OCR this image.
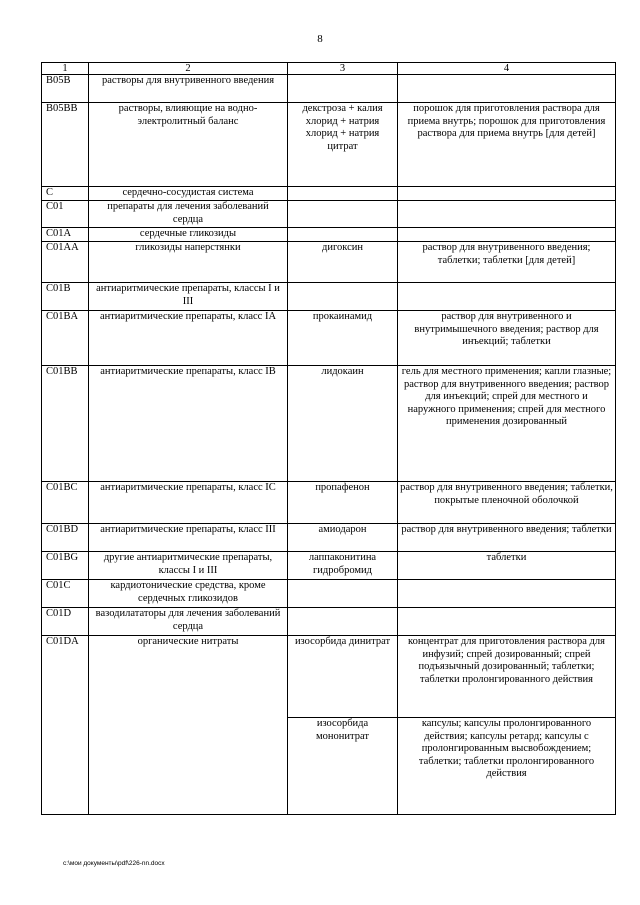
8
1	2	3	4
B05B	растворы для внутривенного введения		
B05BB	растворы, влияющие на водно-электролитный баланс	декстроза + калия хлорид + натрия хлорид + натрия цитрат	порошок для приготовления раствора для приема внутрь; порошок для приготовления раствора для приема внутрь [для детей]
C	сердечно-сосудистая система		
C01	препараты для лечения заболеваний сердца		
C01A	сердечные гликозиды		
C01AA	гликозиды наперстянки	дигоксин	раствор для внутривенного введения; таблетки; таблетки [для детей]
C01B	антиаритмические препараты, классы I и III		
C01BA	антиаритмические препараты, класс IA	прокаинамид	раствор для внутривенного и внутримышечного введения; раствор для инъекций; таблетки
C01BB	антиаритмические препараты, класс IB	лидокаин	гель для местного применения; капли глазные; раствор для внутривенного введения; раствор для инъекций; спрей для местного и наружного применения; спрей для местного применения дозированный
C01BC	антиаритмические препараты, класс IC	пропафенон	раствор для внутривенного введения; таблетки, покрытые пленочной оболочкой
C01BD	антиаритмические препараты, класс III	амиодарон	раствор для внутривенного введения; таблетки
C01BG	другие антиаритмические препараты, классы I и III	лаппаконитина гидробромид	таблетки
C01C	кардиотонические средства, кроме сердечных гликозидов		
C01D	вазодилататоры для лечения заболеваний сердца		
C01DA	органические нитраты	изосорбида динитрат	концентрат для приготовления раствора для инфузий; спрей дозированный; спрей подъязычный дозированный; таблетки; таблетки пролонгированного действия
		изосорбида мононитрат	капсулы; капсулы пролонгированного действия; капсулы ретард; капсулы с пролонгированным высвобождением; таблетки; таблетки пролонгированного действия
c:\мои документы\pdf\226-nn.docx
